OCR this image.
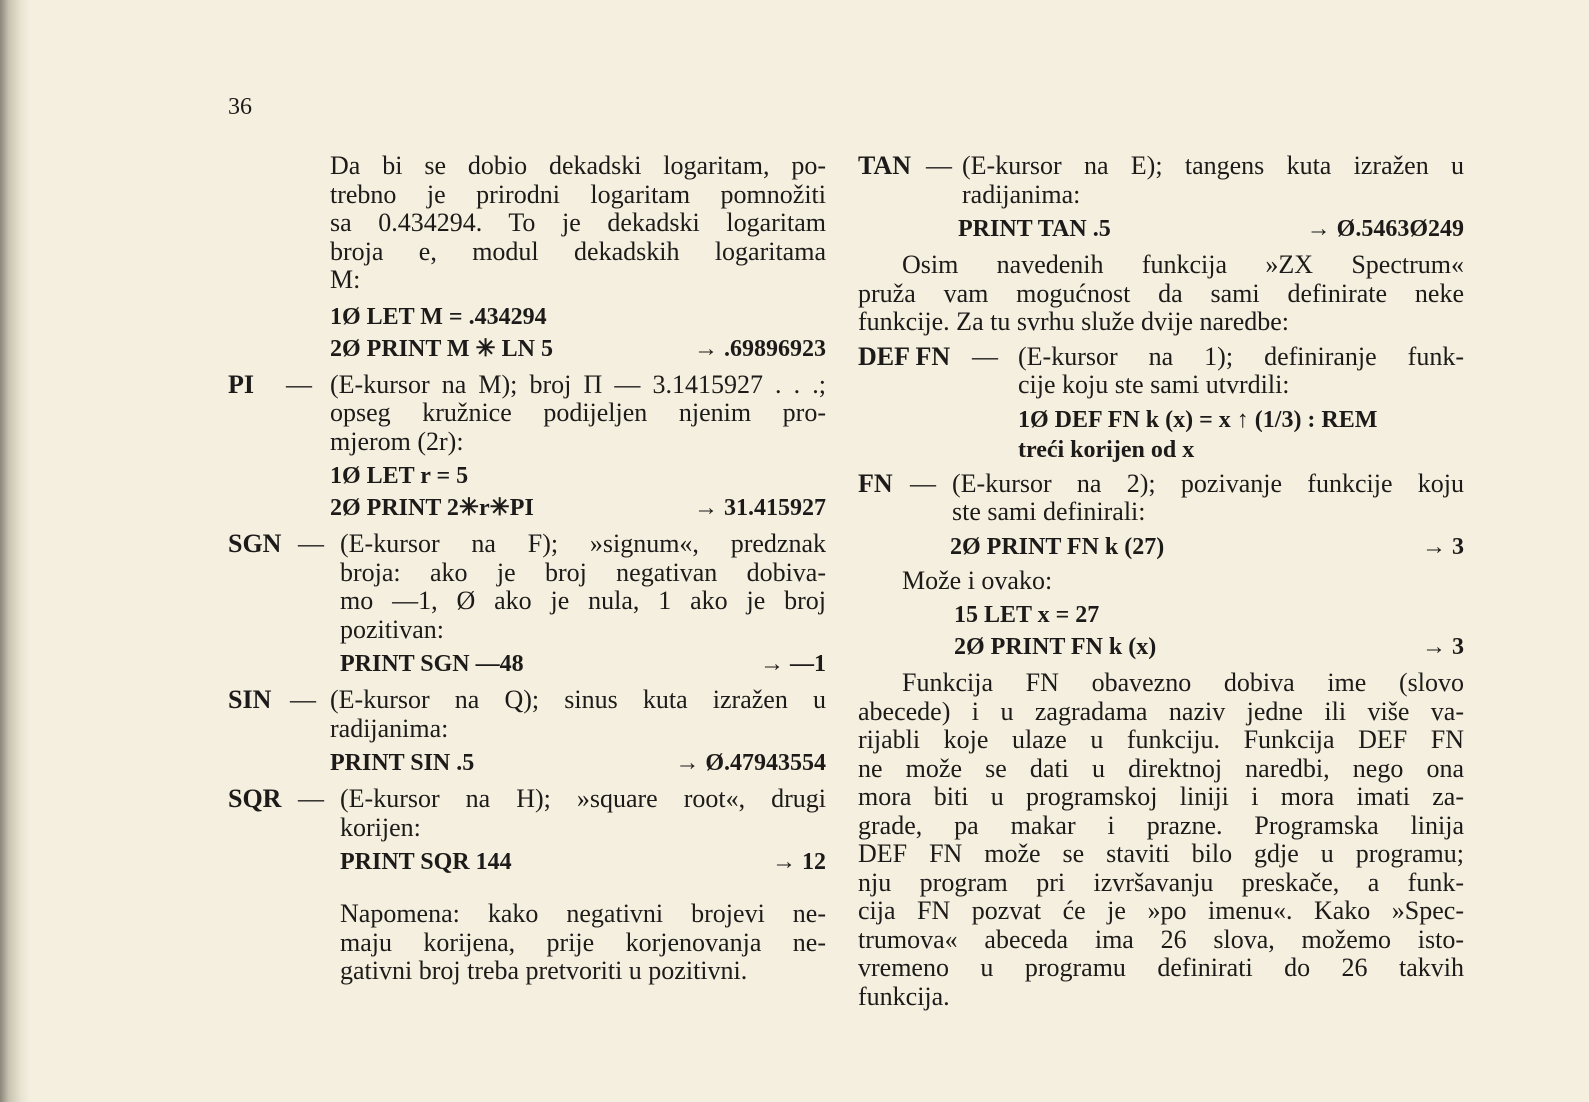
36
Da bi se dobio dekadski logaritam, po-
trebno je prirodni logaritam pomnožiti
sa 0.434294. To je dekadski logaritam
broja e, modul dekadskih logaritama
M:
1Ø LET M = .434294
2Ø PRINT M ✳ LN 5	→ .69896923
PI	— (E-kursor na M); broj Π — 3.1415927 . . .;
opseg kružnice podijeljen njenim pro-
mjerom (2r):
1Ø LET r = 5
2Ø PRINT 2✳r✳PI	→ 31.415927
SGN — (E-kursor na F); »signum«, predznak
broja: ako je broj negativan dobiva-
mo —1, Ø ako je nula, 1 ako je broj
pozitivan:
PRINT SGN —48	→ —1
SIN — (E-kursor na Q); sinus kuta izražen u
radijanima:
PRINT SIN .5	→ Ø.47943554
SQR — (E-kursor na H); »square root«, drugi
korijen:
PRINT SQR 144	→ 12
Napomena: kako negativni brojevi ne-
maju korijena, prije korjenovanja ne-
gativni broj treba pretvoriti u pozitivni.
TAN — (E-kursor na E); tangens kuta izražen u
radijanima:
PRINT TAN .5	→ Ø.5463Ø249
Osim navedenih funkcija »ZX Spectrum«
pruža vam mogućnost da sami definirate neke
funkcije. Za tu svrhu služe dvije naredbe:
DEF FN — (E-kursor na 1); definiranje funk-
cije koju ste sami utvrdili:
1Ø DEF FN k (x) = x ↑ (1/3) : REM
treći korijen od x
FN — (E-kursor na 2); pozivanje funkcije koju
ste sami definirali:
2Ø PRINT FN k (27)	→ 3
Može i ovako:
15 LET x = 27
2Ø PRINT FN k (x)	→ 3
Funkcija FN obavezno dobiva ime (slovo
abecede) i u zagradama naziv jedne ili više va-
rijabli koje ulaze u funkciju. Funkcija DEF FN
ne može se dati u direktnoj naredbi, nego ona
mora biti u programskoj liniji i mora imati za-
grade, pa makar i prazne. Programska linija
DEF FN može se staviti bilo gdje u programu;
nju program pri izvršavanju preskače, a funk-
cija FN pozvat će je »po imenu«. Kako »Spec-
trumova« abeceda ima 26 slova, možemo isto-
vremeno u programu definirati do 26 takvih
funkcija.
